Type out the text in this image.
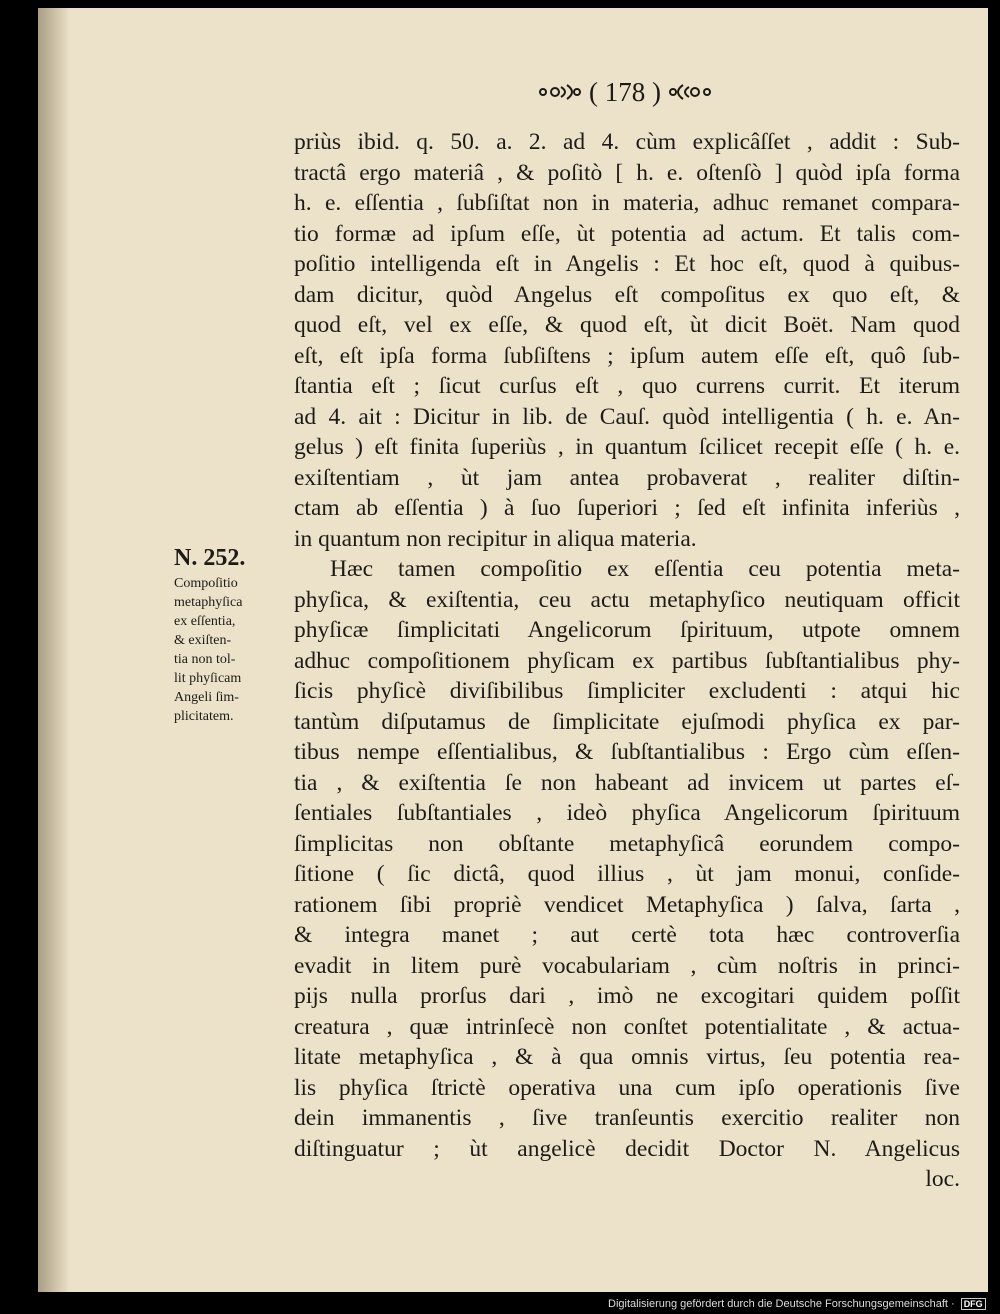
( 178 )
priùs ibid. q. 50. a. 2. ad 4. cùm explicâſſet , addit : Sub-
tractâ ergo materiâ , & poſitò [ h. e. oſtenſò ] quòd ipſa forma
h. e. eſſentia , ſubſiſtat non in materia, adhuc remanet compara-
tio formæ ad ipſum eſſe, ùt potentia ad actum. Et talis com-
poſitio intelligenda eſt in Angelis : Et hoc eſt, quod à quibus-
dam dicitur, quòd Angelus eſt compoſitus ex quo eſt, &
quod eſt, vel ex eſſe, & quod eſt, ùt dicit Boët. Nam quod
eſt, eſt ipſa forma ſubſiſtens ; ipſum autem eſſe eſt, quô ſub-
ſtantia eſt ; ſicut curſus eſt , quo currens currit. Et iterum
ad 4. ait : Dicitur in lib. de Cauſ. quòd intelligentia ( h. e. An-
gelus ) eſt finita ſuperiùs , in quantum ſcilicet recepit eſſe ( h. e.
exiſtentiam , ùt jam antea probaverat , realiter diſtin-
ctam ab eſſentia ) à ſuo ſuperiori ; ſed eſt infinita inferiùs ,
in quantum non recipitur in aliqua materia.
Hæc tamen compoſitio ex eſſentia ceu potentia meta-
phyſica, & exiſtentia, ceu actu metaphyſico neutiquam officit
phyſicæ ſimplicitati Angelicorum ſpirituum, utpote omnem
adhuc compoſitionem phyſicam ex partibus ſubſtantialibus phy-
ſicis phyſicè diviſibilibus ſimpliciter excludenti : atqui hic
tantùm diſputamus de ſimplicitate ejuſmodi phyſica ex par-
tibus nempe eſſentialibus, & ſubſtantialibus : Ergo cùm eſſen-
tia , & exiſtentia ſe non habeant ad invicem ut partes eſ-
ſentiales ſubſtantiales , ideò phyſica Angelicorum ſpirituum
ſimplicitas non obſtante metaphyſicâ eorundem compo-
ſitione ( ſic dictâ, quod illius , ùt jam monui, conſide-
rationem ſibi propriè vendicet Metaphyſica ) ſalva, ſarta ,
& integra manet ; aut certè tota hæc controverſia
evadit in litem purè vocabulariam , cùm noſtris in princi-
pijs nulla prorſus dari , imò ne excogitari quidem poſſit
creatura , quæ intrinſecè non conſtet potentialitate , & actua-
litate metaphyſica , & à qua omnis virtus, ſeu potentia rea-
lis phyſica ſtrictè operativa una cum ipſo operationis ſive
dein immanentis , ſive tranſeuntis exercitio realiter non
diſtinguatur ; ùt angelicè decidit Doctor N. Angelicus
loc.
N. 252.
Compoſitio
metaphyſica
ex eſſentia,
& exiſten-
tia non tol-
lit phyſicam
Angeli ſim-
plicitatem.
Digitalisierung gefördert durch die Deutsche Forschungsgemeinschaft ·	DFG
